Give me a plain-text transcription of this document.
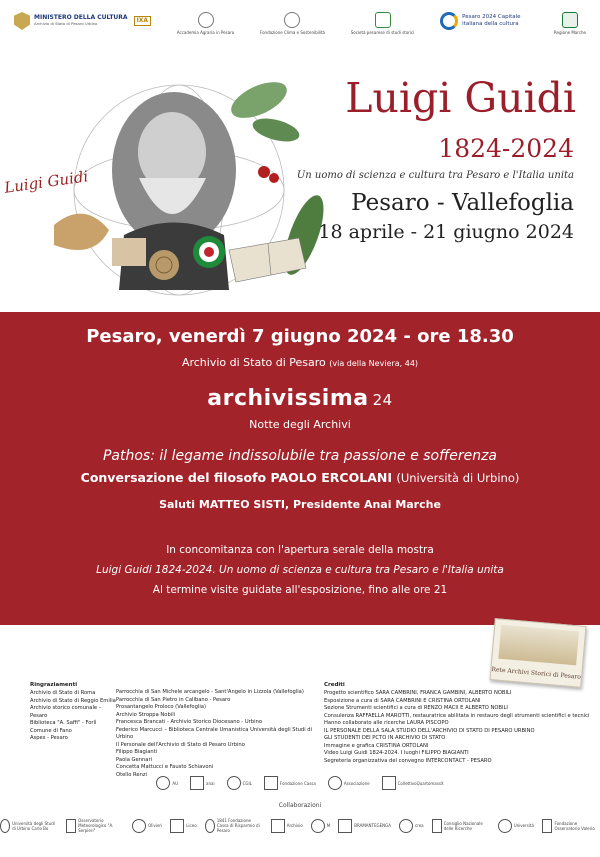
MINISTERO DELLA CULTURA
Archivio di Stato di Pesaro Urbino	IXA
Accademia Agraria in Pesaro	Fondazione Clima e Sostenibilità	Società pesarese di studi storici
Pesaro 2024 Capitale italiana della cultura
Regione Marche
Luigi Guidi
Luigi Guidi
1824-2024
Un uomo di scienza e cultura tra Pesaro e l'Italia unita
Pesaro - Vallefoglia
18 aprile - 21 giugno 2024
Pesaro, venerdì 7 giugno 2024 - ore 18.30
Archivio di Stato di Pesaro (via della Neviera, 44)
archivissima 24
Notte degli Archivi
Pathos: il legame indissolubile tra passione e sofferenza
Conversazione del filosofo PAOLO ERCOLANI (Università di Urbino)
Saluti MATTEO SISTI, Presidente Anai Marche
In concomitanza con l'apertura serale della mostra
Luigi Guidi 1824-2024. Un uomo di scienza e cultura tra Pesaro e l'Italia unita
Al termine visite guidate all'esposizione, fino alle ore 21
Archivio di Stato di Pesaro Urbino | https://aspesaro.cultura.gov.it
via della Neviera, 44 - 61121 Pesaro | tel. 0721 31851
Rete Archivi Storici di Pesaro
Ringraziamenti
Archivio di Stato di Roma
Archivio di Stato di Reggio Emilia
Archivio storico comunale – Pesaro
Biblioteca "A. Saffi" - Forlì
Comune di Fano
Aspes - Pesaro
Parrocchia di San Michele arcangelo - Sant'Angelo in Lizzola (Vallefoglia)
Parrocchia di San Pietro in Calibano - Pesaro
Prosantangelo Proloco (Vallefoglia)
Archivio Stroppa Nobili
Francesca Brancati - Archivio Storico Diocesano - Urbino
Federico Marcucci – Biblioteca Centrale Umanistica Università degli Studi di Urbino
Il Personale dell'Archivio di Stato di Pesaro Urbino
Filippo Biagianti
Paola Gennari
Concetta Mattucci e Fausto Schiavoni
Otello Renzi
Crediti
Progetto scientifico SARA CAMBRINI, FRANCA GAMBINI, ALBERTO NOBILI
Esposizione a cura di SARA CAMBRINI E CRISTINA ORTOLANI
Sezione Strumenti scientifici a cura di RENZO MACII E ALBERTO NOBILI
Consulenza RAFFAELLA MAROTTI, restauratrice abilitata in restauro degli strumenti scientifici e tecnici
Hanno collaborato alle ricerche LAURA PISCOPO
IL PERSONALE DELLA SALA STUDIO DELL'ARCHIVIO DI STATO DI PESARO URBINO
GLI STUDENTI DEI PCTO IN ARCHIVIO DI STATO
Immagine e grafica CRISTINA ORTOLANI
Video Luigi Guidi 1824-2024. I luoghi FILIPPO BIAGIANTI
Segreteria organizzativa del convegno INTERCONTACT - PESARO
AU	anai	CGIL	Fondazione Cassa	Associazione	CollettivoQuartomassX
Collaborazioni
Università degli Studi di Urbino Carlo Bo
Osservatorio Meteorologico "A. Serpieri"
Olivieri	Liceo
1841 Fondazione Cassa di Risparmio di Pesaro
Archivio	M	BRAMANTEGENGA	crea	Consiglio Nazionale delle Ricerche	Università	Fondazione Osservatorio Valerio
